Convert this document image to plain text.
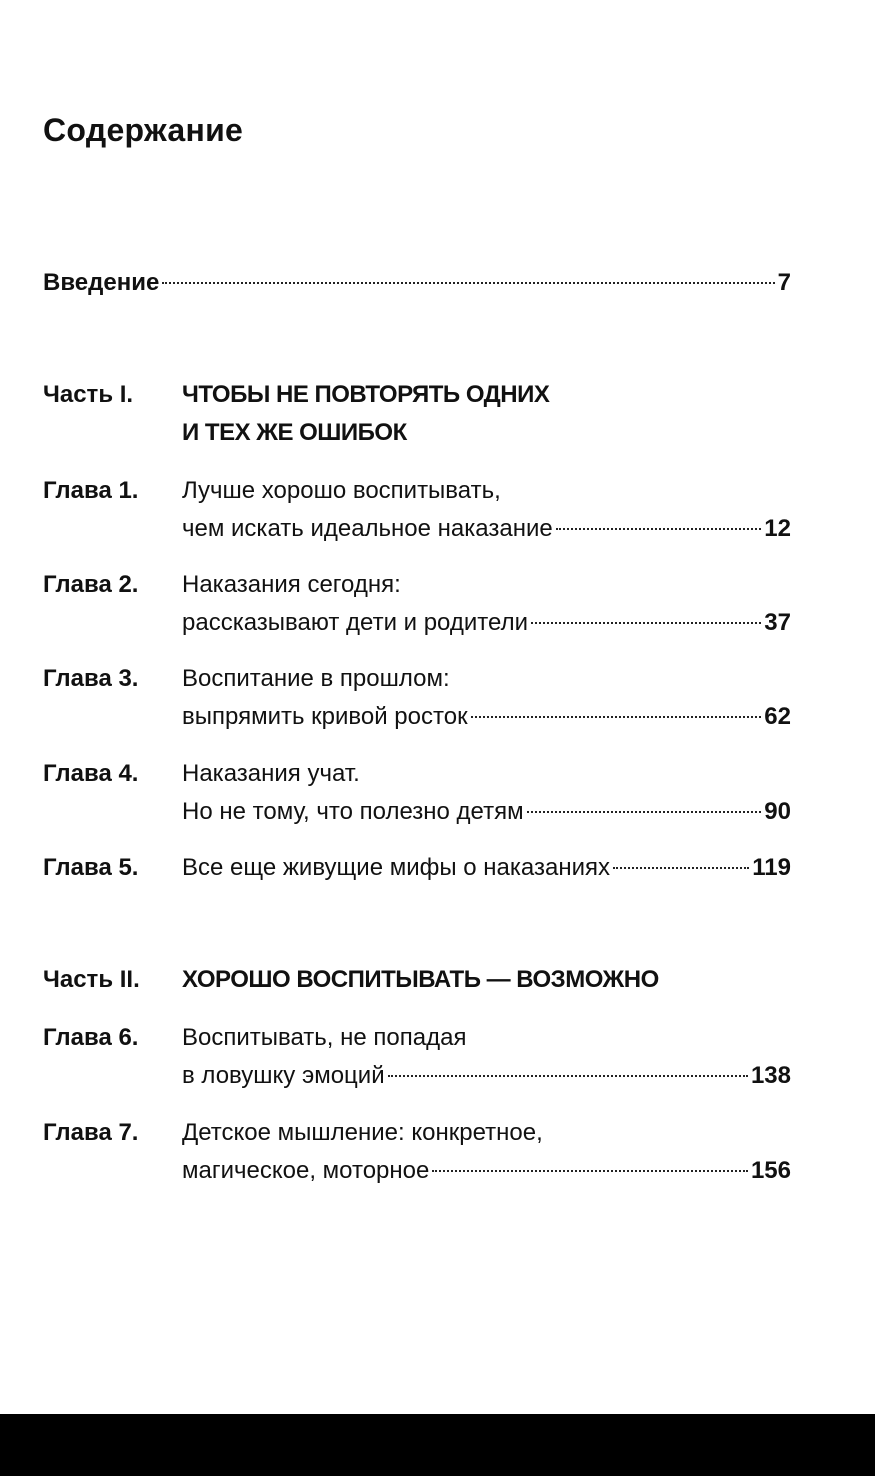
Содержание
Введение	7
Часть I. ЧТОБЫ НЕ ПОВТОРЯТЬ ОДНИХ
И ТЕХ ЖЕ ОШИБОК
Глава 1. Лучше хорошо воспитывать,
чем искать идеальное наказание	12
Глава 2. Наказания сегодня:
рассказывают дети и родители	37
Глава 3. Воспитание в прошлом:
выпрямить кривой росток	62
Глава 4. Наказания учат.
Но не тому, что полезно детям	90
Глава 5. Все еще живущие мифы о наказаниях	119
Часть II. ХОРОШО ВОСПИТЫВАТЬ — ВОЗМОЖНО
Глава 6. Воспитывать, не попадая
в ловушку эмоций	138
Глава 7. Детское мышление: конкретное,
магическое, моторное	156
